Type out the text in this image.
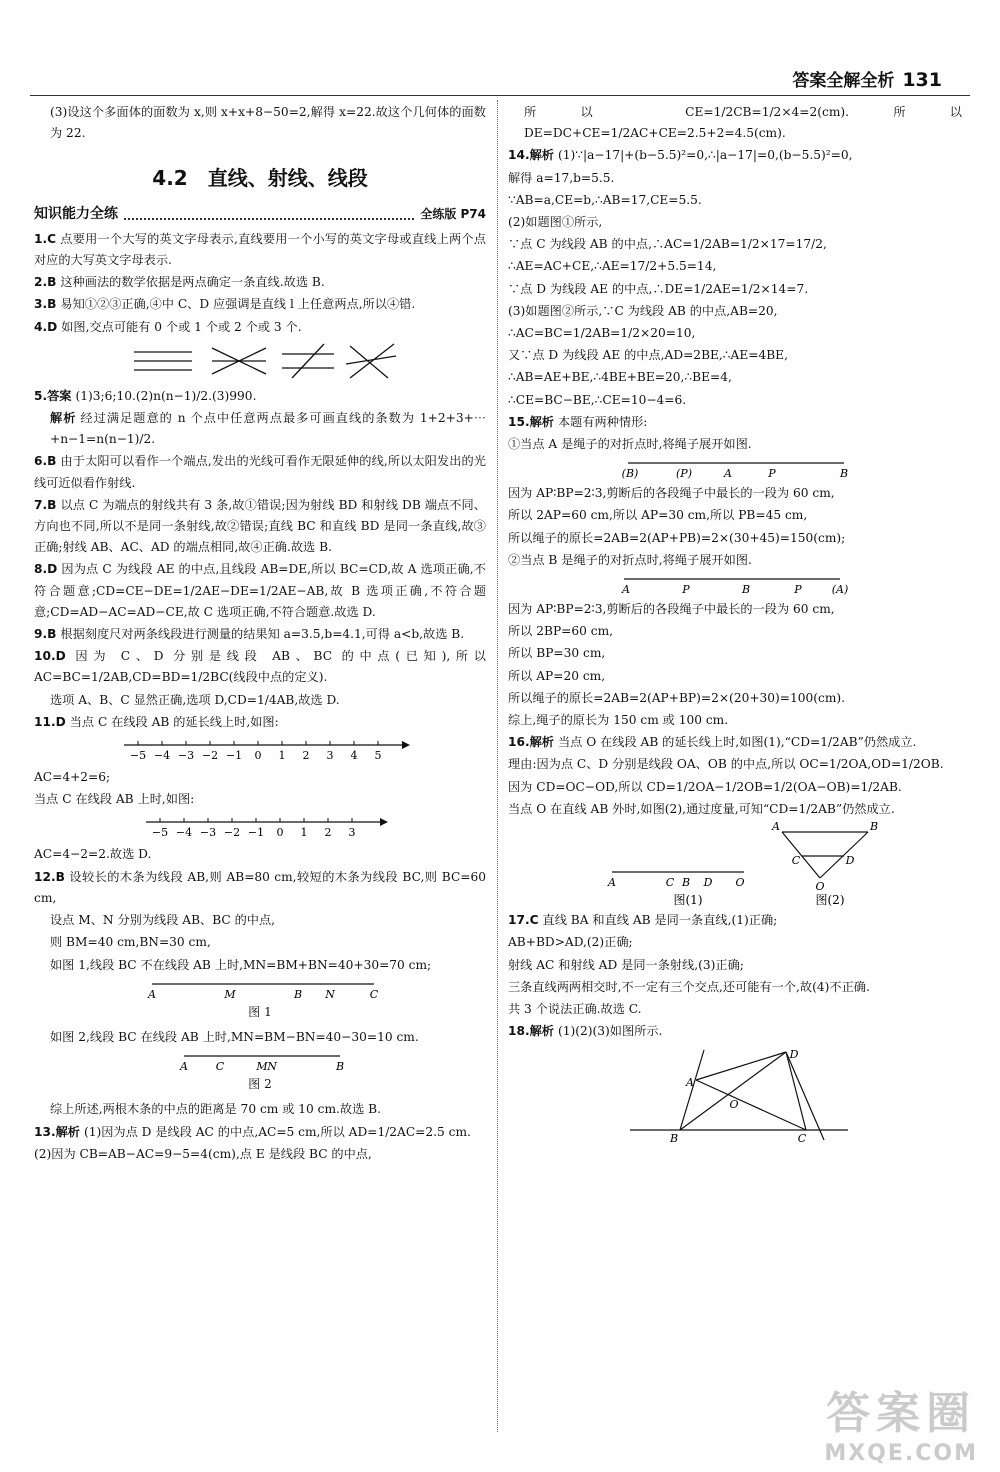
答案全解全析 131

(3)设这个多面体的面数为 x,则 x+x+8−50=2,解得 x=22.故这个几何体的面数为 22.

4.2　直线、射线、线段
知识能力全练	全练版 P74

1.C 点要用一个大写的英文字母表示,直线要用一个小写的英文字母或直线上两个点对应的大写英文字母表示.

2.B 这种画法的数学依据是两点确定一条直线.故选 B.

3.B 易知①②③正确,④中 C、D 应强调是直线 l 上任意两点,所以④错.

4.D 如图,交点可能有 0 个或 1 个或 2 个或 3 个.

5.答案 (1)3;6;10.(2)n(n−1)/2.(3)990.

解析 经过满足题意的 n 个点中任意两点最多可画直线的条数为 1+2+3+⋯+n−1=n(n−1)/2.

6.B 由于太阳可以看作一个端点,发出的光线可看作无限延伸的线,所以太阳发出的光线可近似看作射线.

7.B 以点 C 为端点的射线共有 3 条,故①错误;因为射线 BD 和射线 DB 端点不同、方向也不同,所以不是同一条射线,故②错误;直线 BC 和直线 BD 是同一条直线,故③正确;射线 AB、AC、AD 的端点相同,故④正确.故选 B.

8.D 因为点 C 为线段 AE 的中点,且线段 AB=DE,所以 BC=CD,故 A 选项正确,不符合题意;CD=CE−DE=1/2AE−DE=1/2AE−AB,故 B 选项正确,不符合题意;CD=AD−AC=AD−CE,故 C 选项正确,不符合题意.故选 D.

9.B 根据刻度尺对两条线段进行测量的结果知 a=3.5,b=4.1,可得 a<b,故选 B.

10.D 因为 C、D 分别是线段 AB、BC 的中点(已知),所以 AC=BC=1/2AB,CD=BD=1/2BC(线段中点的定义).

选项 A、B、C 显然正确,选项 D,CD=1/4AB,故选 D.

11.D 当点 C 在线段 AB 的延长线上时,如图:

−5 −4 −3 −2 −1 0 1 2 3 4 5

AC=4+2=6;

当点 C 在线段 AB 上时,如图:

−5 −4 −3 −2 −1 0 1 2 3

AC=4−2=2.故选 D.

12.B 设较长的木条为线段 AB,则 AB=80 cm,较短的木条为线段 BC,则 BC=60 cm,

设点 M、N 分别为线段 AB、BC 的中点,

则 BM=40 cm,BN=30 cm,

如图 1,线段 BC 不在线段 AB 上时,MN=BM+BN=40+30=70 cm;

A	M	B N	C
图 1

如图 2,线段 BC 在线段 AB 上时,MN=BM−BN=40−30=10 cm.

A	C	M N	B
图 2

综上所述,两根木条的中点的距离是 70 cm 或 10 cm.故选 B.

13.解析 (1)因为点 D 是线段 AC 的中点,AC=5 cm,所以 AD=1/2AC=2.5 cm.

(2)因为 CB=AB−AC=9−5=4(cm),点 E 是线段 BC 的中点,

所以 CE=1/2CB=1/2×4=2(cm).所以 DE=DC+CE=1/2AC+CE=2.5+2=4.5(cm).

14.解析 (1)∵|a−17|+(b−5.5)²=0,∴|a−17|=0,(b−5.5)²=0,

解得 a=17,b=5.5.

∵AB=a,CE=b,∴AB=17,CE=5.5.

(2)如题图①所示,

∵点 C 为线段 AB 的中点,∴AC=1/2AB=1/2×17=17/2,

∴AE=AC+CE,∴AE=17/2+5.5=14,

∵点 D 为线段 AE 的中点,∴DE=1/2AE=1/2×14=7.

(3)如题图②所示,∵C 为线段 AB 的中点,AB=20,

∴AC=BC=1/2AB=1/2×20=10,

又∵点 D 为线段 AE 的中点,AD=2BE,∴AE=4BE,

∴AB=AE+BE,∴4BE+BE=20,∴BE=4,

∴CE=BC−BE,∴CE=10−4=6.

15.解析 本题有两种情形:

①当点 A 是绳子的对折点时,将绳子展开如图.

(B)	(P)	A	P	B

因为 AP∶BP=2∶3,剪断后的各段绳子中最长的一段为 60 cm,

所以 2AP=60 cm,所以 AP=30 cm,所以 PB=45 cm,

所以绳子的原长=2AB=2(AP+PB)=2×(30+45)=150(cm);

②当点 B 是绳子的对折点时,将绳子展开如图.

A	P	B	P	(A)

因为 AP∶BP=2∶3,剪断后的各段绳子中最长的一段为 60 cm,

所以 2BP=60 cm,

所以 BP=30 cm,

所以 AP=20 cm,

所以绳子的原长=2AB=2(AP+BP)=2×(20+30)=100(cm).

综上,绳子的原长为 150 cm 或 100 cm.

16.解析 当点 O 在线段 AB 的延长线上时,如图(1),“CD=1/2AB”仍然成立.

理由:因为点 C、D 分别是线段 OA、OB 的中点,所以 OC=1/2OA,OD=1/2OB.

因为 CD=OC−OD,所以 CD=1/2OA−1/2OB=1/2(OA−OB)=1/2AB.

当点 O 在直线 AB 外时,如图(2),通过度量,可知“CD=1/2AB”仍然成立.

A	C B D O
图(1)
A	B
C	D
O
图(2)

17.C 直线 BA 和直线 AB 是同一条直线,(1)正确;

AB+BD>AD,(2)正确;

射线 AC 和射线 AD 是同一条射线,(3)正确;

三条直线两两相交时,不一定有三个交点,还可能有一个,故(4)不正确.

共 3 个说法正确.故选 C.

18.解析 (1)(2)(3)如图所示.

A
D
O
B	C
答案圈
MXQE.COM
